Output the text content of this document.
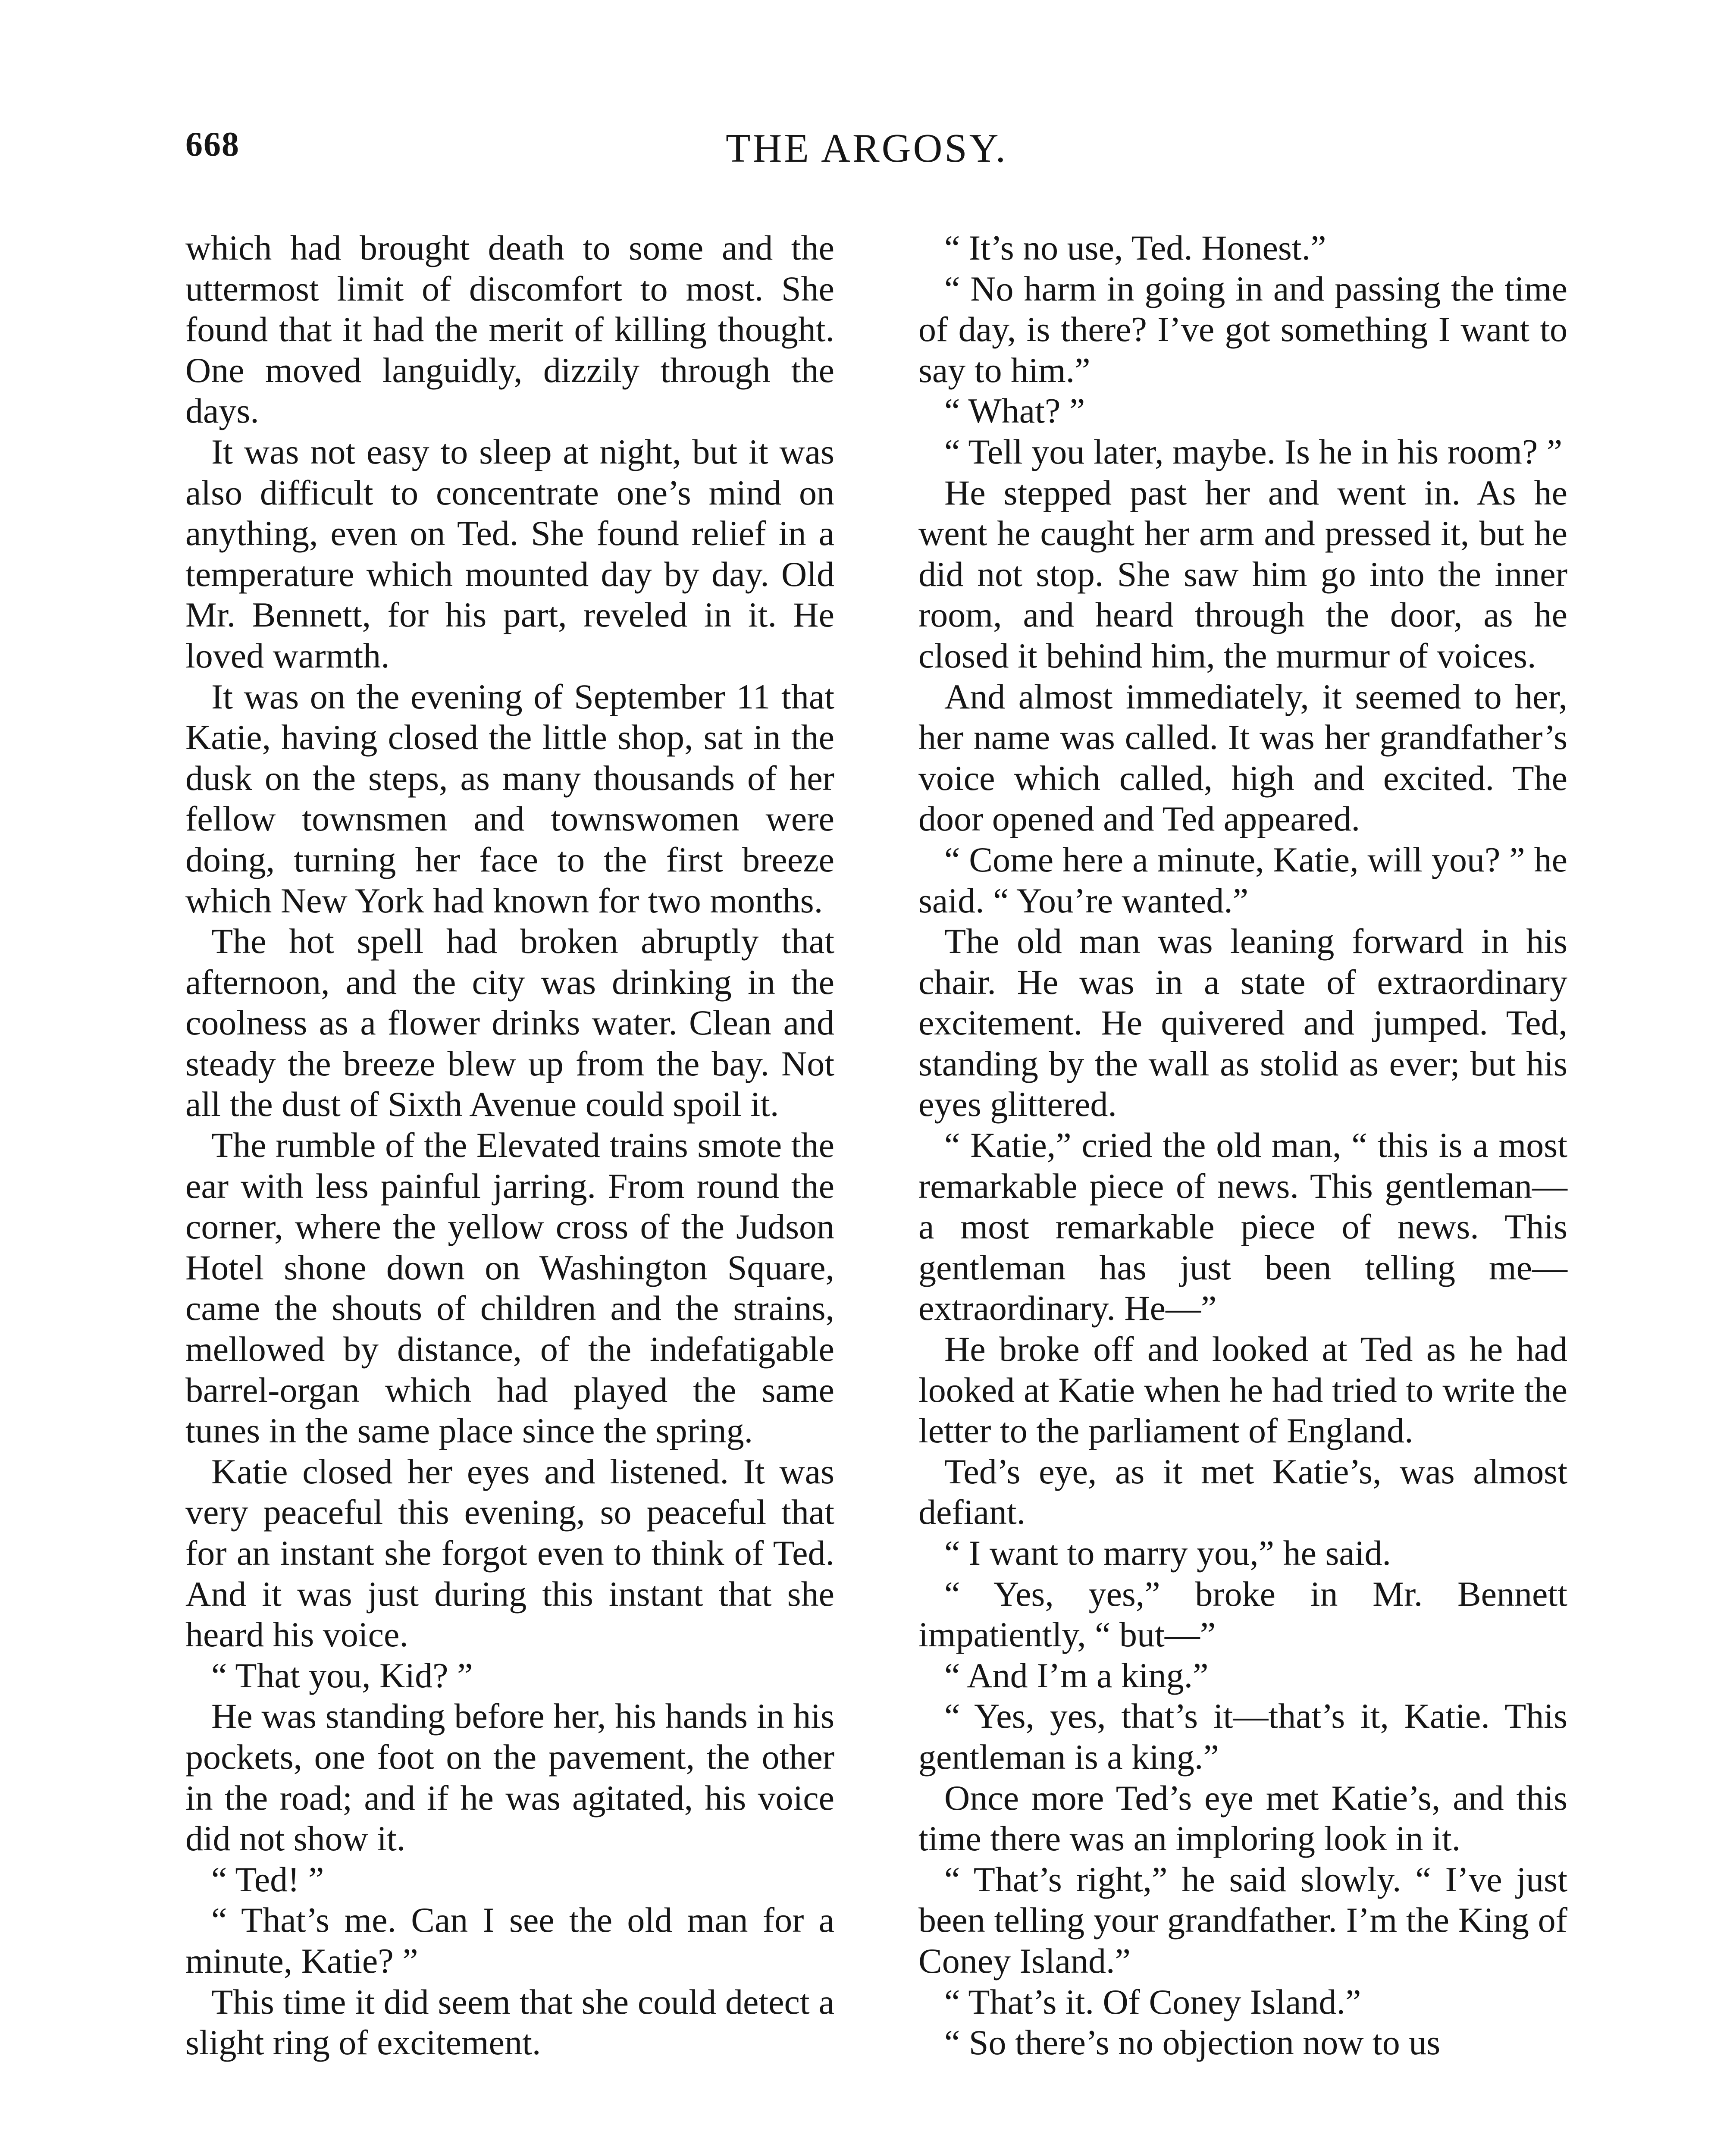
668	THE ARGOSY.

which had brought death to some and the uttermost limit of discomfort to most. She found that it had the merit of killing thought. One moved languidly, dizzily through the days.

It was not easy to sleep at night, but it was also difficult to concentrate one’s mind on anything, even on Ted. She found relief in a temperature which mounted day by day. Old Mr. Bennett, for his part, reveled in it. He loved warmth.

It was on the evening of September 11 that Katie, having closed the little shop, sat in the dusk on the steps, as many thousands of her fellow townsmen and townswomen were doing, turning her face to the first breeze which New York had known for two months.

The hot spell had broken abruptly that afternoon, and the city was drinking in the coolness as a flower drinks water. Clean and steady the breeze blew up from the bay. Not all the dust of Sixth Avenue could spoil it.

The rumble of the Elevated trains smote the ear with less painful jarring. From round the corner, where the yellow cross of the Judson Hotel shone down on Washington Square, came the shouts of children and the strains, mellowed by distance, of the indefatigable barrel-organ which had played the same tunes in the same place since the spring.

Katie closed her eyes and listened. It was very peaceful this evening, so peaceful that for an instant she forgot even to think of Ted. And it was just during this instant that she heard his voice.

“ That you, Kid? ”

He was standing before her, his hands in his pockets, one foot on the pavement, the other in the road; and if he was agitated, his voice did not show it.

“ Ted! ”

“ That’s me. Can I see the old man for a minute, Katie? ”

This time it did seem that she could detect a slight ring of excitement.

“ It’s no use, Ted. Honest.”

“ No harm in going in and passing the time of day, is there? I’ve got something I want to say to him.”

“ What? ”

“ Tell you later, maybe. Is he in his room? ”

He stepped past her and went in. As he went he caught her arm and pressed it, but he did not stop. She saw him go into the inner room, and heard through the door, as he closed it behind him, the murmur of voices.

And almost immediately, it seemed to her, her name was called. It was her grandfather’s voice which called, high and excited. The door opened and Ted appeared.

“ Come here a minute, Katie, will you? ” he said. “ You’re wanted.”

The old man was leaning forward in his chair. He was in a state of extraordinary excitement. He quivered and jumped. Ted, standing by the wall as stolid as ever; but his eyes glittered.

“ Katie,” cried the old man, “ this is a most remarkable piece of news. This gentleman—a most remarkable piece of news. This gentleman has just been telling me—extraordinary. He—”

He broke off and looked at Ted as he had looked at Katie when he had tried to write the letter to the parliament of England.

Ted’s eye, as it met Katie’s, was almost defiant.

“ I want to marry you,” he said.

“ Yes, yes,” broke in Mr. Bennett impatiently, “ but—”

“ And I’m a king.”

“ Yes, yes, that’s it—that’s it, Katie. This gentleman is a king.”

Once more Ted’s eye met Katie’s, and this time there was an imploring look in it.

“ That’s right,” he said slowly. “ I’ve just been telling your grandfather. I’m the King of Coney Island.”

“ That’s it. Of Coney Island.”

“ So there’s no objection now to us
